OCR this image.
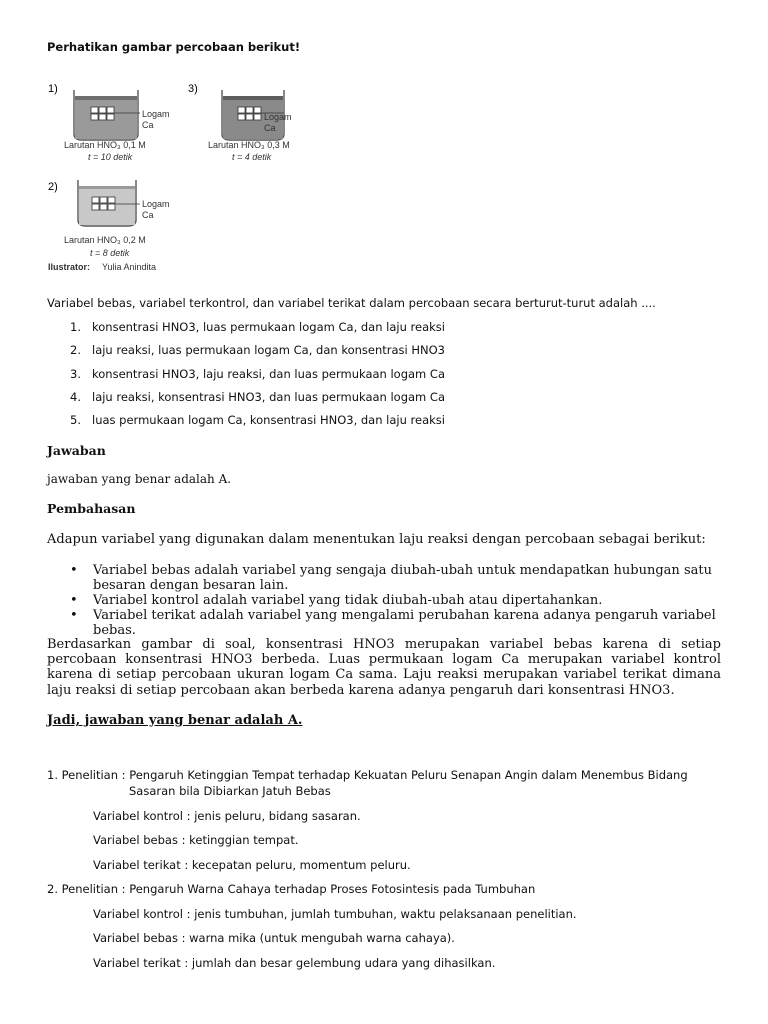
Perhatikan gambar percobaan berikut!
1)
Logam
Ca
Larutan HNO₃ 0,1 M
t = 10 detik
3)
Logam
Ca
Larutan HNO₃ 0,3 M
t = 4 detik
2)
Logam
Ca
Larutan HNO₃ 0,2 M
t = 8 detik
Ilustrator: Yulia Anindita
Variabel bebas, variabel terkontrol, dan variabel terikat dalam percobaan secara berturut-turut adalah ....
1. konsentrasi HNO3, luas permukaan logam Ca, dan laju reaksi
2. laju reaksi, luas permukaan logam Ca, dan konsentrasi HNO3
3. konsentrasi HNO3, laju reaksi, dan luas permukaan logam Ca
4. laju reaksi, konsentrasi HNO3, dan luas permukaan logam Ca
5. luas permukaan logam Ca, konsentrasi HNO3, dan laju reaksi
Jawaban
jawaban yang benar adalah A.
Pembahasan
Adapun variabel yang digunakan dalam menentukan laju reaksi dengan percobaan sebagai berikut:
• Variabel bebas adalah variabel yang sengaja diubah-ubah untuk mendapatkan hubungan satu besaran dengan besaran lain.
• Variabel kontrol adalah variabel yang tidak diubah-ubah atau dipertahankan.
• Variabel terikat adalah variabel yang mengalami perubahan karena adanya pengaruh variabel bebas.
Berdasarkan gambar di soal, konsentrasi HNO3 merupakan variabel bebas karena di setiap percobaan konsentrasi HNO3 berbeda. Luas permukaan logam Ca merupakan variabel kontrol karena di setiap percobaan ukuran logam Ca sama. Laju reaksi merupakan variabel terikat dimana laju reaksi di setiap percobaan akan berbeda karena adanya pengaruh dari konsentrasi HNO3.
Jadi, jawaban yang benar adalah A.
1. Penelitian : Pengaruh Ketinggian Tempat terhadap Kekuatan Peluru Senapan Angin dalam Menembus Bidang
Sasaran bila Dibiarkan Jatuh Bebas
Variabel kontrol : jenis peluru, bidang sasaran.
Variabel bebas : ketinggian tempat.
Variabel terikat : kecepatan peluru, momentum peluru.
2. Penelitian : Pengaruh Warna Cahaya terhadap Proses Fotosintesis pada Tumbuhan
Variabel kontrol : jenis tumbuhan, jumlah tumbuhan, waktu pelaksanaan penelitian.
Variabel bebas : warna mika (untuk mengubah warna cahaya).
Variabel terikat : jumlah dan besar gelembung udara yang dihasilkan.
